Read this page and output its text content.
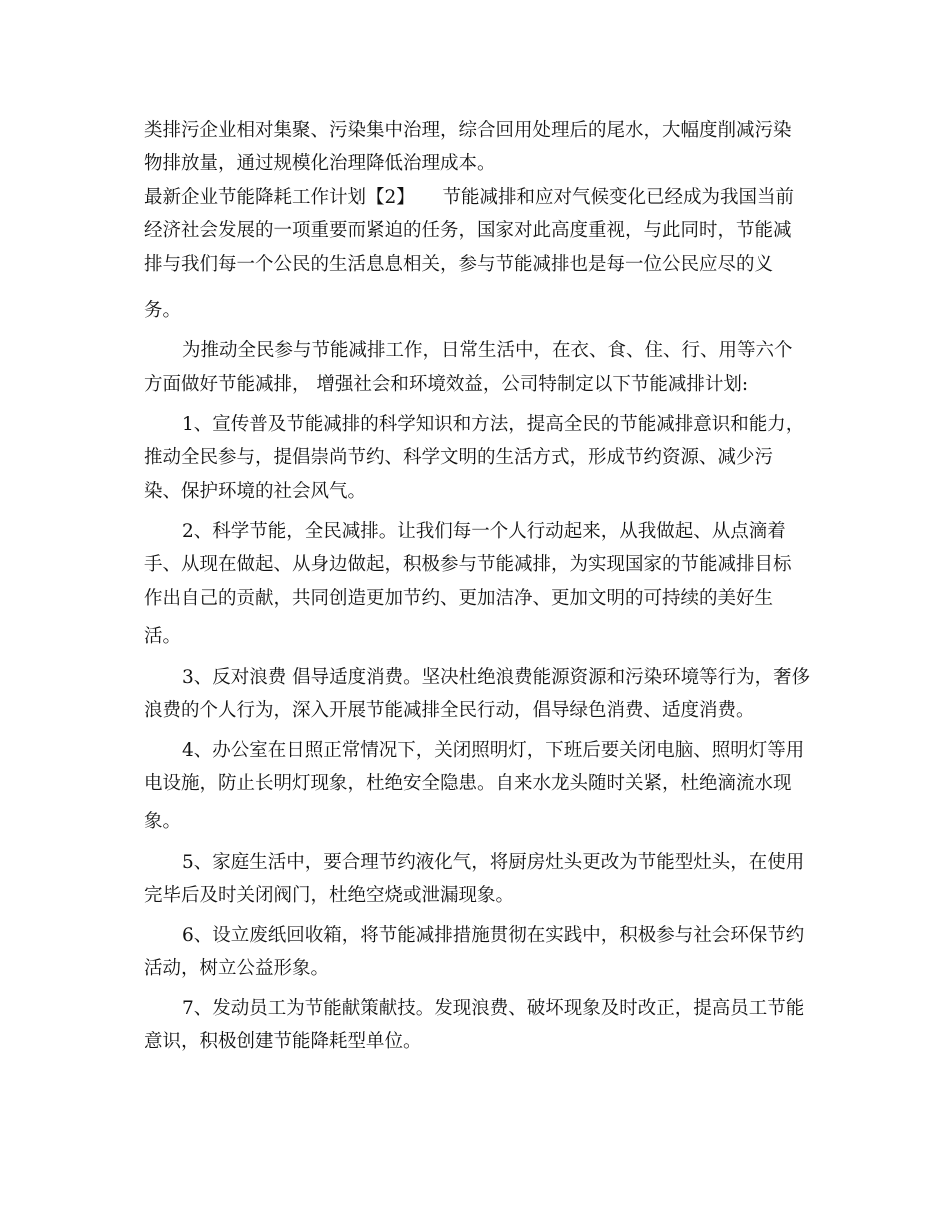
类排污企业相对集聚、污染集中治理，综合回用处理后的尾水，大幅度削减污染
物排放量，通过规模化治理降低治理成本。
最新企业节能降耗工作计划【2】　　节能减排和应对气候变化已经成为我国当前
经济社会发展的一项重要而紧迫的任务，国家对此高度重视，与此同时，节能减
排与我们每一个公民的生活息息相关，参与节能减排也是每一位公民应尽的义
务。
为推动全民参与节能减排工作，日常生活中，在衣、食、住、行、用等六个
方面做好节能减排， 增强社会和环境效益，公司特制定以下节能减排计划:
1、宣传普及节能减排的科学知识和方法，提高全民的节能减排意识和能力，
推动全民参与，提倡崇尚节约、科学文明的生活方式，形成节约资源、减少污
染、保护环境的社会风气。
2、科学节能，全民减排。让我们每一个人行动起来，从我做起、从点滴着
手、从现在做起、从身边做起，积极参与节能减排，为实现国家的节能减排目标
作出自己的贡献，共同创造更加节约、更加洁净、更加文明的可持续的美好生
活。
3、反对浪费 倡导适度消费。坚决杜绝浪费能源资源和污染环境等行为，奢侈
浪费的个人行为，深入开展节能减排全民行动，倡导绿色消费、适度消费。
4、办公室在日照正常情况下，关闭照明灯，下班后要关闭电脑、照明灯等用
电设施，防止长明灯现象，杜绝安全隐患。自来水龙头随时关紧，杜绝滴流水现
象。
5、家庭生活中，要合理节约液化气，将厨房灶头更改为节能型灶头，在使用
完毕后及时关闭阀门，杜绝空烧或泄漏现象。
6、设立废纸回收箱，将节能减排措施贯彻在实践中，积极参与社会环保节约
活动，树立公益形象。
7、发动员工为节能献策献技。发现浪费、破坏现象及时改正，提高员工节能
意识，积极创建节能降耗型单位。
